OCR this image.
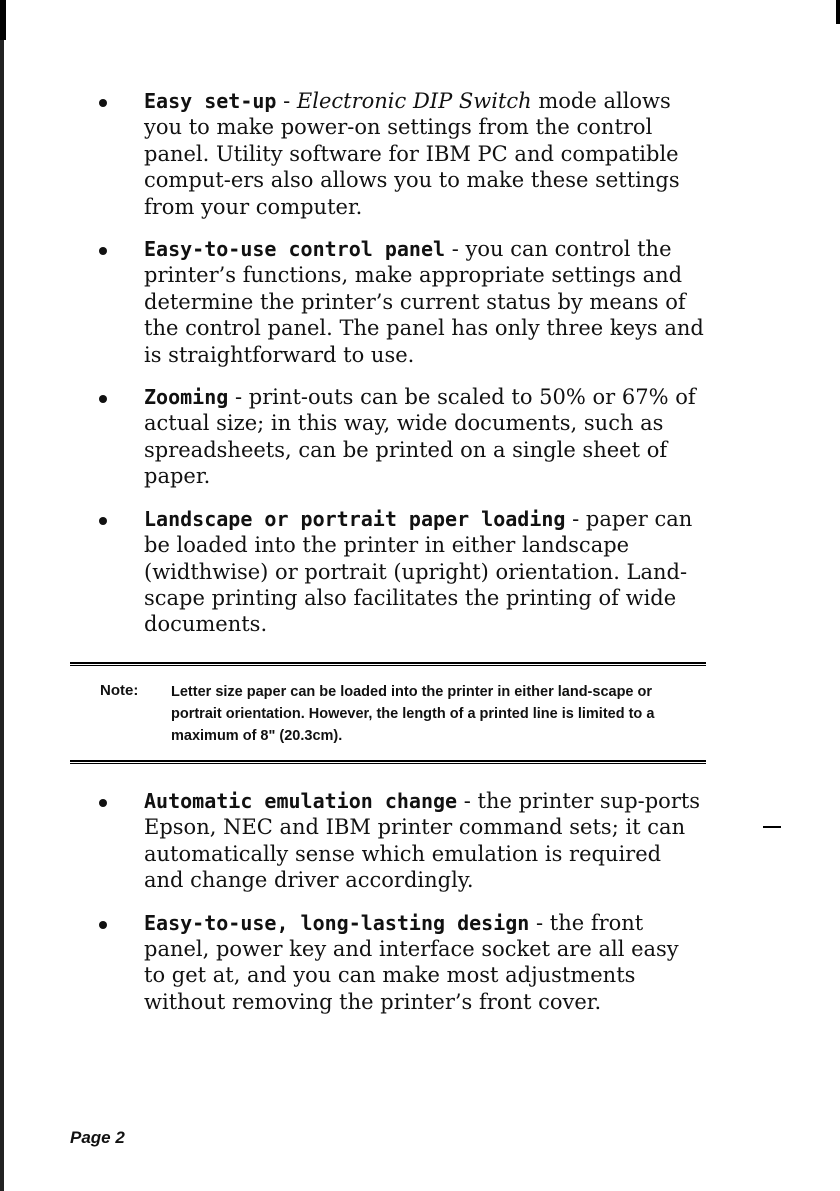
Easy set-up - Electronic DIP Switch mode allows you to make power-on settings from the control panel. Utility software for IBM PC and compatible comput-ers also allows you to make these settings from your computer.
Easy-to-use control panel - you can control the printer’s functions, make appropriate settings and determine the printer’s current status by means of the control panel. The panel has only three keys and is straightforward to use.
Zooming - print-outs can be scaled to 50% or 67% of actual size; in this way, wide documents, such as spreadsheets, can be printed on a single sheet of paper.
Landscape or portrait paper loading - paper can be loaded into the printer in either landscape (widthwise) or portrait (upright) orientation. Land-scape printing also facilitates the printing of wide documents.
Note: Letter size paper can be loaded into the printer in either land-scape or portrait orientation. However, the length of a printed line is limited to a maximum of 8" (20.3cm).
Automatic emulation change - the printer sup-ports Epson, NEC and IBM printer command sets; it can automatically sense which emulation is required and change driver accordingly.
Easy-to-use, long-lasting design - the front panel, power key and interface socket are all easy to get at, and you can make most adjustments without removing the printer’s front cover.
Page 2
